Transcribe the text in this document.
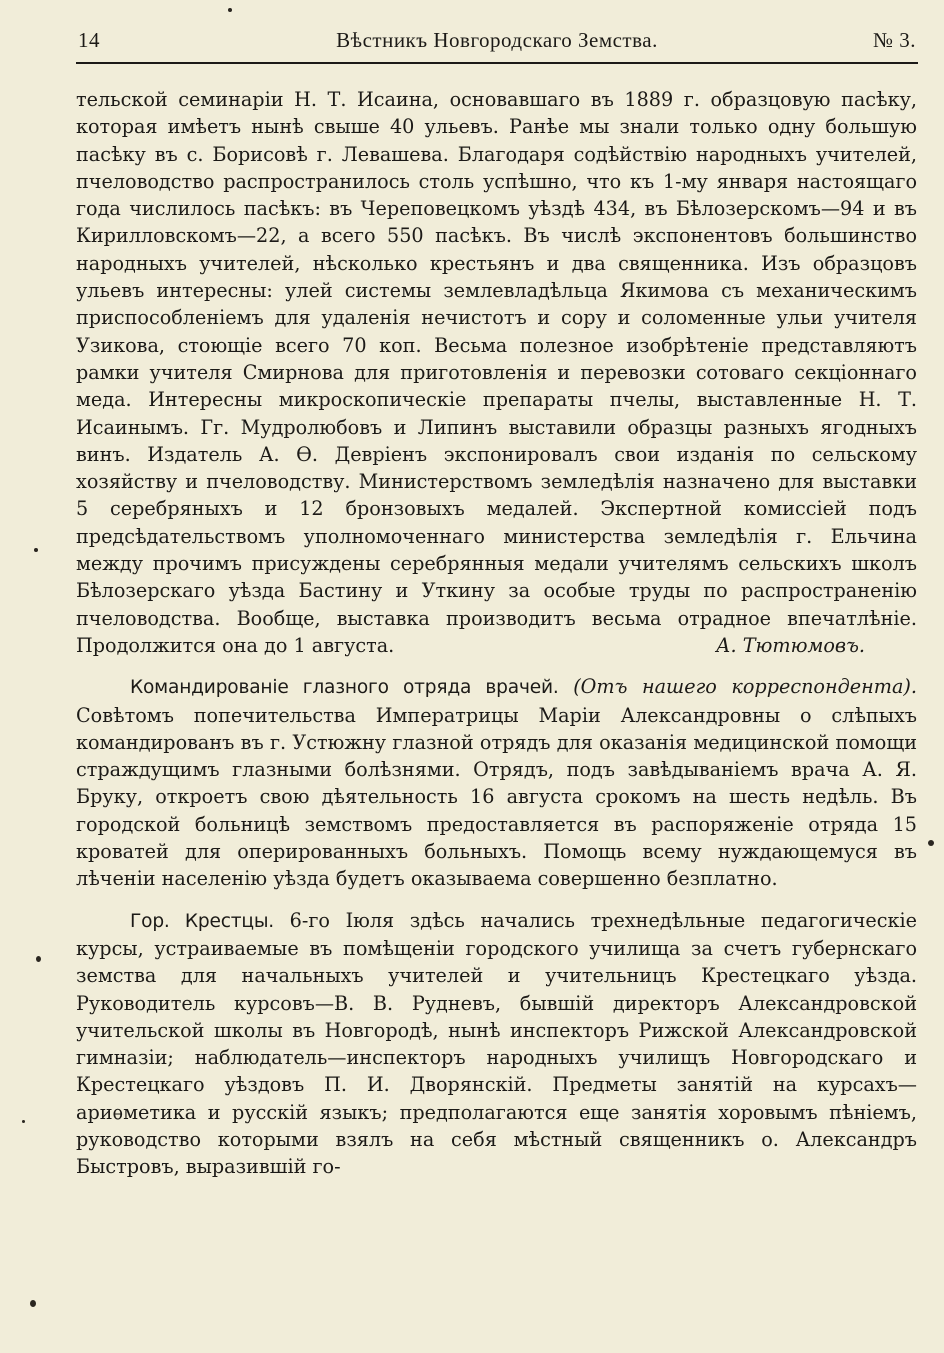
14	Вѣстникъ Новгородскаго Земства.	№ 3.

тельской семинаріи Н. Т. Исаина, основавшаго въ 1889 г. образцовую пасѣку, которая имѣетъ нынѣ свыше 40 ульевъ. Ранѣе мы знали только одну большую пасѣку въ с. Борисовѣ г. Левашева. Благодаря содѣйствію народныхъ учителей, пчеловодство распространилось столь успѣшно, что къ 1-му января настоящаго года числилось пасѣкъ: въ Череповецкомъ уѣздѣ 434, въ Бѣлозерскомъ—94 и въ Кирилловскомъ—22, а всего 550 пасѣкъ. Въ числѣ экспонентовъ большинство народныхъ учителей, нѣсколько крестьянъ и два священника. Изъ образцовъ ульевъ интересны: улей системы землевладѣльца Якимова съ механическимъ приспособленіемъ для удаленія нечистотъ и сору и соломенные ульи учителя Узикова, стоющіе всего 70 коп. Весьма полезное изобрѣтеніе представляютъ рамки учителя Смирнова для приготовленія и перевозки сотоваго секціоннаго меда. Интересны микроскопическіе препараты пчелы, выставленные Н. Т. Исаинымъ. Гг. Мудролюбовъ и Липинъ выставили образцы разныхъ ягодныхъ винъ. Издатель А. Ѳ. Девріенъ экспонировалъ свои изданія по сельскому хозяйству и пчеловодству. Министерствомъ земледѣлія назначено для выставки 5 серебряныхъ и 12 бронзовыхъ медалей. Экспертной комиссіей подъ предсѣдательствомъ уполномоченнаго министерства земледѣлія г. Ельчина между прочимъ присуждены серебрянныя медали учителямъ сельскихъ школъ Бѣлозерскаго уѣзда Бастину и Уткину за особые труды по распространенію пчеловодства. Вообще, выставка производитъ весьма отрадное впечатлѣніе. Продолжится она до 1 августа.	А. Тютюмовъ.

Командированіе глазного отряда врачей. (Отъ нашего корреспондента). Совѣтомъ попечительства Императрицы Маріи Александровны о слѣпыхъ командированъ въ г. Устюжну глазной отрядъ для оказанія медицинской помощи страждущимъ глазными болѣзнями. Отрядъ, подъ завѣдываніемъ врача А. Я. Бруку, откроетъ свою дѣятельность 16 августа срокомъ на шесть недѣль. Въ городской больницѣ земствомъ предоставляется въ распоряженіе отряда 15 кроватей для оперированныхъ больныхъ. Помощь всему нуждающемуся въ лѣченіи населенію уѣзда будетъ оказываема совершенно безплатно.

Гор. Крестцы. 6-го Іюля здѣсь начались трехнедѣльные педагогическіе курсы, устраиваемые въ помѣщеніи городского училища за счетъ губернскаго земства для начальныхъ учителей и учительницъ Крестецкаго уѣзда. Руководитель курсовъ—В. В. Рудневъ, бывшій директоръ Александровской учительской школы въ Новгородѣ, нынѣ инспекторъ Рижской Александровской гимназіи; наблюдатель—инспекторъ народныхъ училищъ Новгородскаго и Крестецкаго уѣздовъ П. И. Дворянскій. Предметы занятій на курсахъ—ариѳметика и русскій языкъ; предполагаются еще занятія хоровымъ пѣніемъ, руководство которыми взялъ на себя мѣстный священникъ о. Александръ Быстровъ, выразившій го-
